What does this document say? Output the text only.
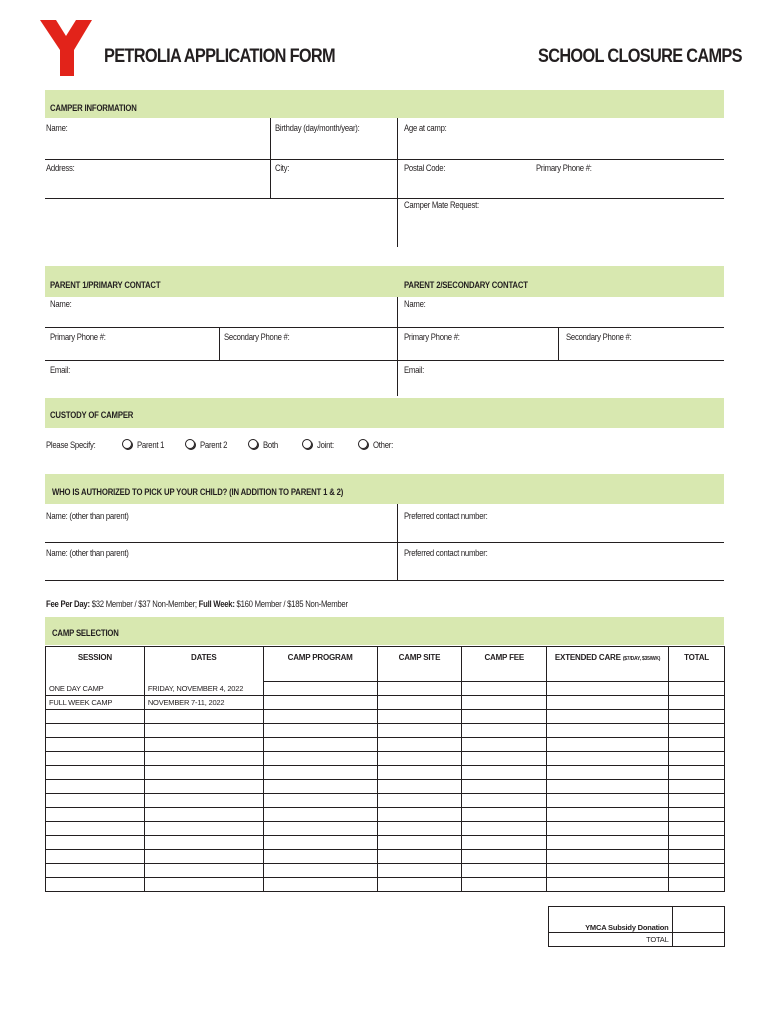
PETROLIA APPLICATION FORM	SCHOOL CLOSURE CAMPS
CAMPER INFORMATION
Name:	Birthday (day/month/year):	Age at camp:
Address:	City:	Postal Code:	Primary Phone #:
Camper Mate Request:
PARENT 1/PRIMARY CONTACT	PARENT 2/SECONDARY CONTACT
Name:	Name:
Primary Phone #:	Secondary Phone #:	Primary Phone #:	Secondary Phone #:
Email:	Email:
CUSTODY OF CAMPER
Please Specify:	Parent 1	Parent 2	Both	Joint:	Other:
WHO IS AUTHORIZED TO PICK UP YOUR CHILD? (IN ADDITION TO PARENT 1 & 2)
Name: (other than parent)	Preferred contact number:
Name: (other than parent)	Preferred contact number:
Fee Per Day: $32 Member / $37 Non-Member; Full Week: $160 Member / $185 Non-Member
CAMP SELECTION
SESSION	DATES	CAMP PROGRAM	CAMP SITE	CAMP FEE	EXTENDED CARE ($7/DAY, $35/WK)	TOTAL
ONE DAY CAMP	FRIDAY, NOVEMBER 4, 2022					
FULL WEEK CAMP	NOVEMBER 7-11, 2022					

YMCA Subsidy Donation	
TOTAL	
